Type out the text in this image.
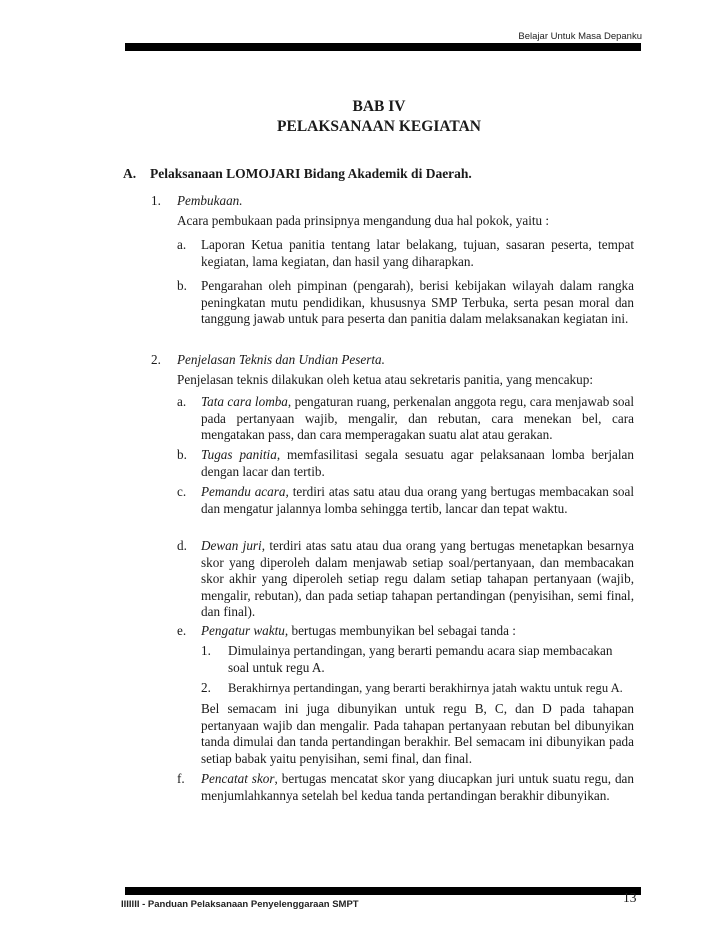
Belajar Untuk Masa Depanku
BAB IV
PELAKSANAAN KEGIATAN
A. Pelaksanaan LOMOJARI Bidang Akademik di Daerah.
1. Pembukaan.
Acara pembukaan pada prinsipnya mengandung dua hal pokok, yaitu :
a. Laporan Ketua panitia tentang latar belakang, tujuan, sasaran peserta, tempat kegiatan, lama kegiatan, dan hasil yang diharapkan.
b. Pengarahan oleh pimpinan (pengarah), berisi kebijakan wilayah dalam rangka peningkatan mutu pendidikan, khususnya SMP Terbuka, serta pesan moral dan tanggung jawab untuk para peserta dan panitia dalam melaksanakan kegiatan ini.
2. Penjelasan Teknis dan Undian Peserta.
Penjelasan teknis dilakukan oleh ketua atau sekretaris panitia, yang mencakup:
a. Tata cara lomba, pengaturan ruang, perkenalan anggota regu, cara menjawab soal pada pertanyaan wajib, mengalir, dan rebutan, cara menekan bel, cara mengatakan pass, dan cara memperagakan suatu alat atau gerakan.
b. Tugas panitia, memfasilitasi segala sesuatu agar pelaksanaan lomba berjalan dengan lacar dan tertib.
c. Pemandu acara, terdiri atas satu atau dua orang yang bertugas membacakan soal dan mengatur jalannya lomba sehingga tertib, lancar dan tepat waktu.
d. Dewan juri, terdiri atas satu atau dua orang yang bertugas menetapkan besarnya skor yang diperoleh dalam menjawab setiap soal/pertanyaan, dan membacakan skor akhir yang diperoleh setiap regu dalam setiap tahapan pertanyaan (wajib, mengalir, rebutan), dan pada setiap tahapan pertandingan (penyisihan, semi final, dan final).
e. Pengatur waktu, bertugas membunyikan bel sebagai tanda :
1. Dimulainya pertandingan, yang berarti pemandu acara siap membacakan soal untuk regu A.
2. Berakhirnya pertandingan, yang berarti berakhirnya jatah waktu untuk regu A.
Bel semacam ini juga dibunyikan untuk regu B, C, dan D pada tahapan pertanyaan wajib dan mengalir. Pada tahapan pertanyaan rebutan bel dibunyikan tanda dimulai dan tanda pertandingan berakhir. Bel semacam ini dibunyikan pada setiap babak yaitu penyisihan, semi final, dan final.
f. Pencatat skor, bertugas mencatat skor yang diucapkan juri untuk suatu regu, dan menjumlahkannya setelah bel kedua tanda pertandingan berakhir dibunyikan.
IIIIIII - Panduan Pelaksanaan Penyelenggaraan SMPT	13
